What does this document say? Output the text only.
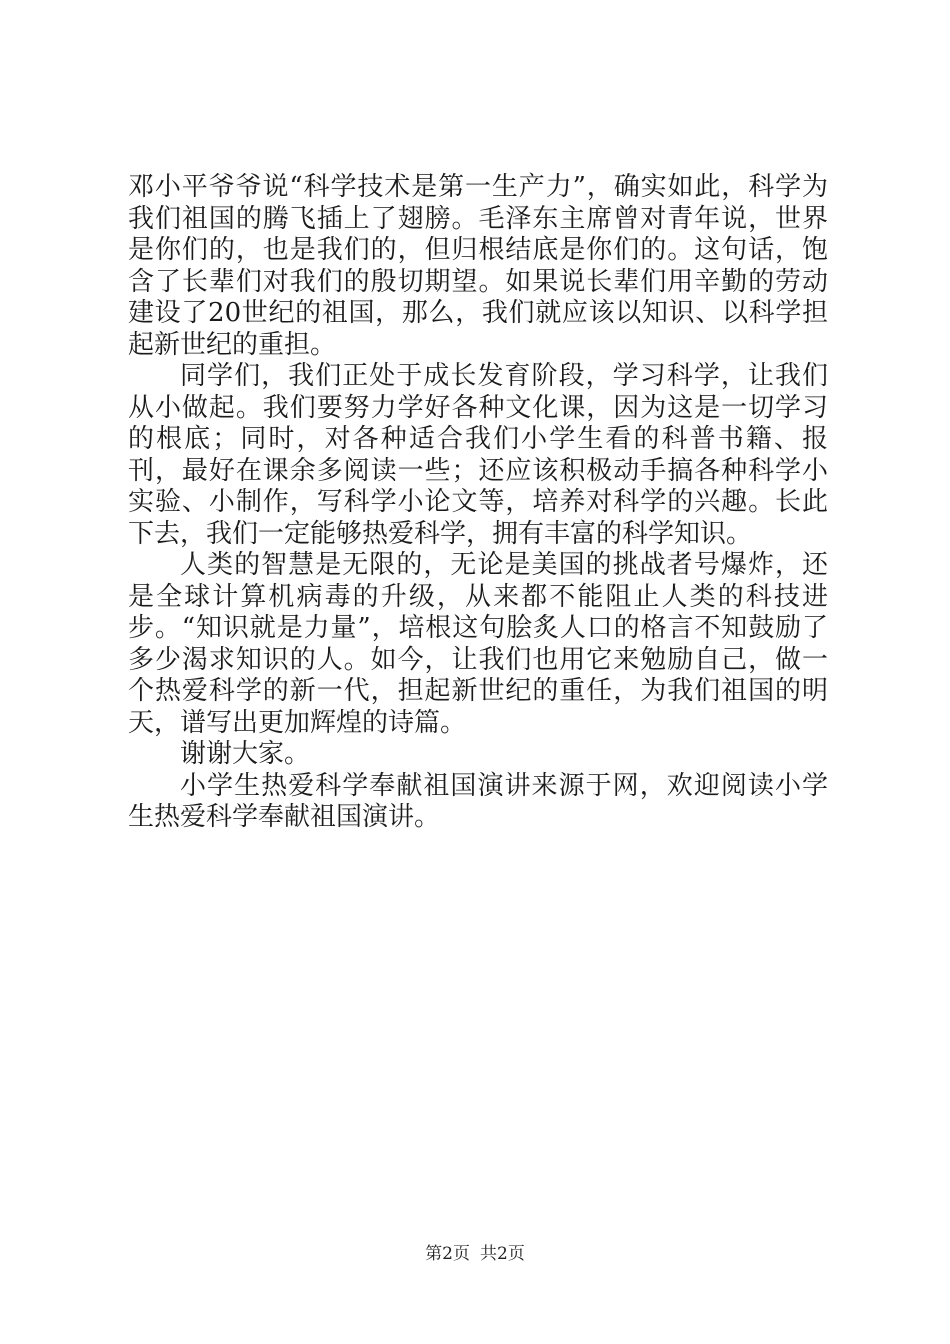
邓小平爷爷说“科学技术是第一生产力”，确实如此，科学为我们祖国的腾飞插上了翅膀。毛泽东主席曾对青年说，世界是你们的，也是我们的，但归根结底是你们的。这句话，饱含了长辈们对我们的殷切期望。如果说长辈们用辛勤的劳动建设了20世纪的祖国，那么，我们就应该以知识、以科学担起新世纪的重担。

同学们，我们正处于成长发育阶段，学习科学，让我们从小做起。我们要努力学好各种文化课，因为这是一切学习的根底；同时，对各种适合我们小学生看的科普书籍、报刊，最好在课余多阅读一些；还应该积极动手搞各种科学小实验、小制作，写科学小论文等，培养对科学的兴趣。长此下去，我们一定能够热爱科学，拥有丰富的科学知识。

人类的智慧是无限的，无论是美国的挑战者号爆炸，还是全球计算机病毒的升级，从来都不能阻止人类的科技进步。“知识就是力量”，培根这句脍炙人口的格言不知鼓励了多少渴求知识的人。如今，让我们也用它来勉励自己，做一个热爱科学的新一代，担起新世纪的重任，为我们祖国的明天，谱写出更加辉煌的诗篇。

谢谢大家。

小学生热爱科学奉献祖国演讲来源于网，欢迎阅读小学生热爱科学奉献祖国演讲。

第2页 共2页
